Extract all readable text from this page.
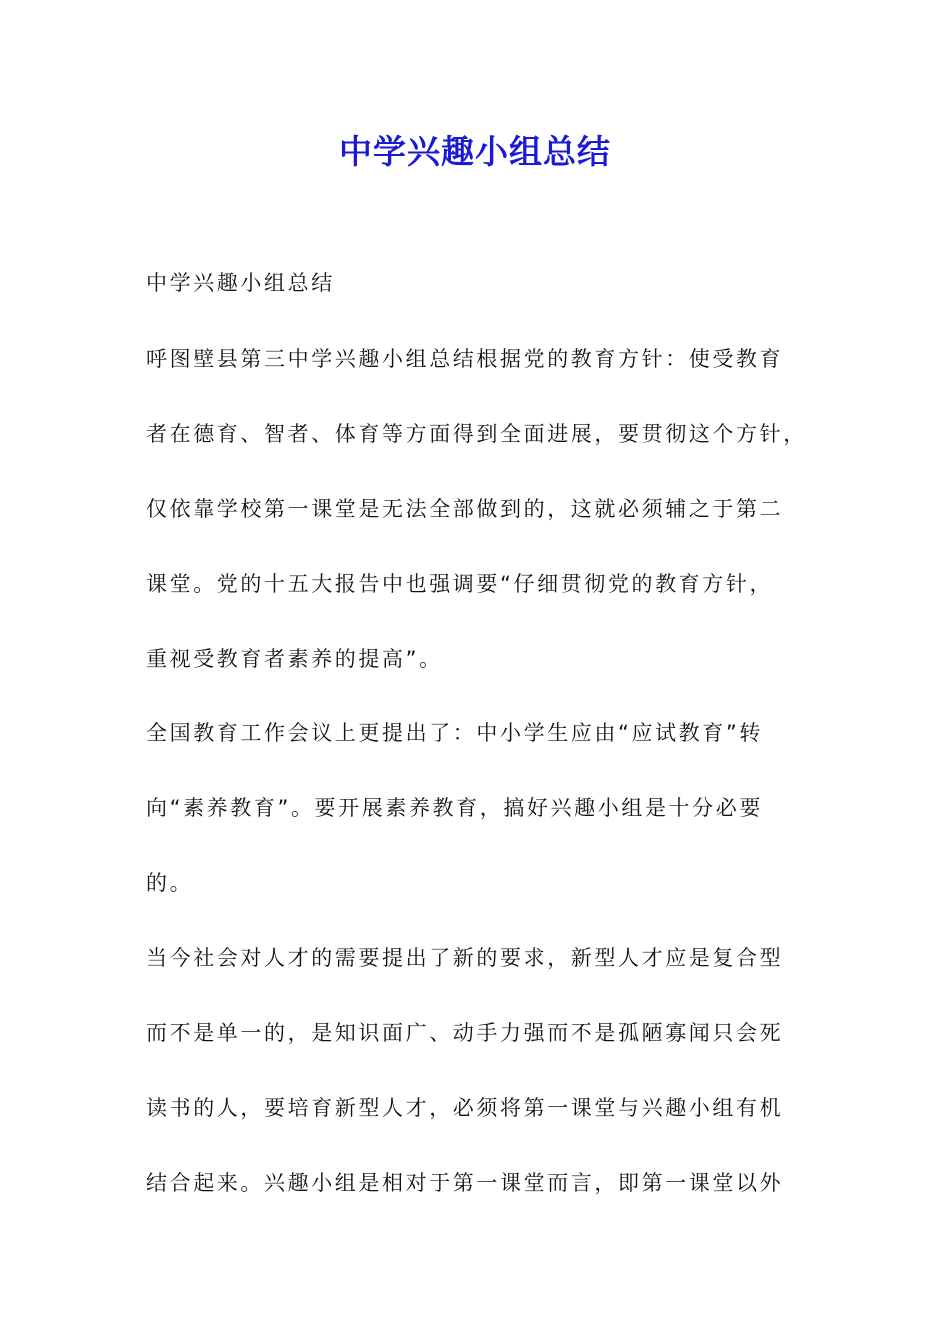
中学兴趣小组总结
中学兴趣小组总结
呼图壁县第三中学兴趣小组总结根据党的教育方针：使受教育
者在德育、智者、体育等方面得到全面进展，要贯彻这个方针，
仅依靠学校第一课堂是无法全部做到的，这就必须辅之于第二
课堂。党的十五大报告中也强调要“仔细贯彻党的教育方针，
重视受教育者素养的提高”。
全国教育工作会议上更提出了：中小学生应由“应试教育”转
向“素养教育”。要开展素养教育，搞好兴趣小组是十分必要
的。
当今社会对人才的需要提出了新的要求，新型人才应是复合型
而不是单一的，是知识面广、动手力强而不是孤陋寡闻只会死
读书的人，要培育新型人才，必须将第一课堂与兴趣小组有机
结合起来。兴趣小组是相对于第一课堂而言，即第一课堂以外
